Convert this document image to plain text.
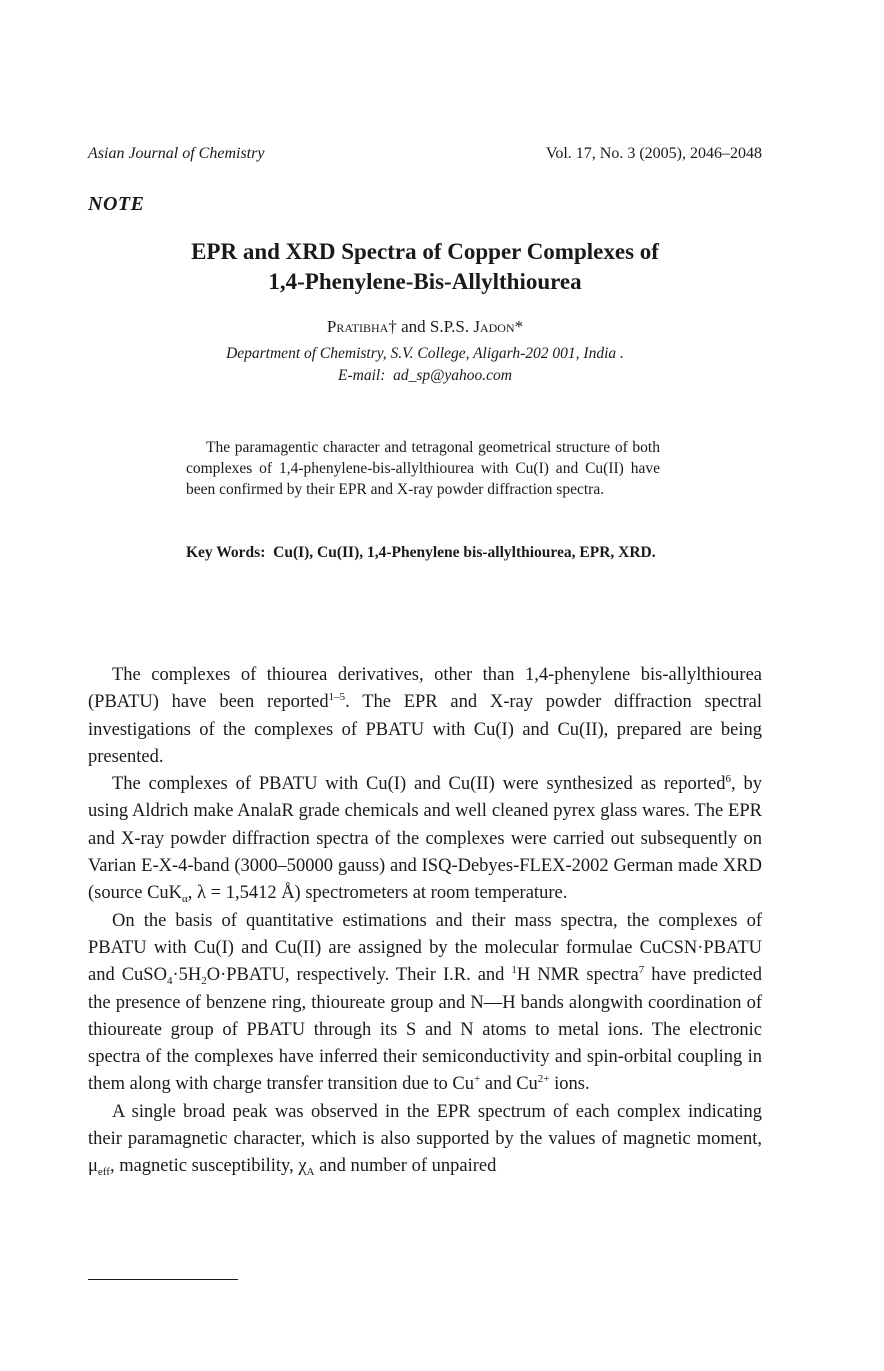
Asian Journal of Chemistry	Vol. 17, No. 3 (2005), 2046–2048
NOTE
EPR and XRD Spectra of Copper Complexes of
1,4-Phenylene-Bis-Allylthiourea
Pratibha† and S.P.S. Jadon*
Department of Chemistry, S.V. College, Aligarh-202 001, India .
E-mail:  ad_sp@yahoo.com

The paramagentic character and tetragonal geometrical structure of both complexes of 1,4-phenylene-bis-allylthiourea with Cu(I) and Cu(II) have been confirmed by their EPR and X-ray powder diffraction spectra.

Key Words: Cu(I), Cu(II), 1,4-Phenylene bis-allylthiourea, EPR, XRD.

The complexes of thiourea derivatives, other than 1,4-phenylene bis-allylthiourea (PBATU) have been reported$^{1-5}$. The EPR and X-ray powder diffraction spectral investigations of the complexes of PBATU with Cu(I) and Cu(II), prepared are being presented.

The complexes of PBATU with Cu(I) and Cu(II) were synthesized as reported$^6$, by using Aldrich make AnalaR grade chemicals and well cleaned pyrex glass wares. The EPR and X-ray powder diffraction spectra of the complexes were carried out subsequently on Varian E-X-4-band (3000–50000 gauss) and ISQ-Debyes-FLEX-2002 German made XRD (source CuK$_\alpha$, λ = 1,5412 Å) spectrometers at room temperature.

On the basis of quantitative estimations and their mass spectra, the complexes of PBATU with Cu(I) and Cu(II) are assigned by the molecular formulae CuCSN·PBATU and $CuSO_4\cdot 5H_2O\cdot PBATU$, respectively. Their I.R. and $^1$H NMR spectra$^7$ have predicted the presence of benzene ring, thioureate group and N—H bands alongwith coordination of thioureate group of PBATU through its S and N atoms to metal ions. The electronic spectra of the complexes have inferred their semiconductivity and spin-orbital coupling in them along with charge transfer transition due to Cu+ and $Cu^{2+}$ ions.

A single broad peak was observed in the EPR spectrum of each complex indicating their paramagnetic character, which is also supported by the values of magnetic moment, $\mu_{eff}$, magnetic susceptibility, $\chi_A$ and number of unpaired
